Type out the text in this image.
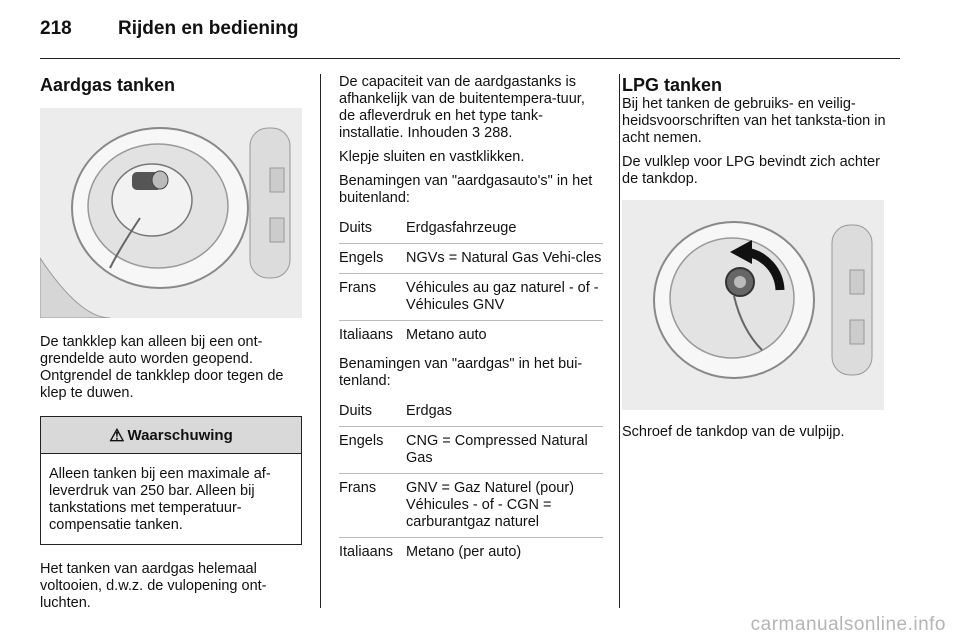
218 Rijden en bediening
Aardgas tanken

De tankklep kan alleen bij een ont-grendelde auto worden geopend. Ontgrendel de tankklep door tegen de klep te duwen.

⚠ Waarschuwing
Alleen tanken bij een maximale af-leverdruk van 250 bar. Alleen bij tankstations met temperatuur-compensatie tanken.

Het tanken van aardgas helemaal voltooien, d.w.z. de vulopening ont-luchten.

De capaciteit van de aardgastanks is afhankelijk van de buitentempera-tuur, de afleverdruk en het type tank-installatie. Inhouden 3 288.

Klepje sluiten en vastklikken.

Benamingen van "aardgasauto's" in het buitenland:

Duits	Erdgasfahrzeuge
Engels	NGVs = Natural Gas Vehi-cles
Frans	Véhicules au gaz naturel - of - Véhicules GNV
Italiaans Metano auto

Benamingen van "aardgas" in het bui-tenland:

Duits	Erdgas
Engels	CNG = Compressed Natural Gas
Frans	GNV = Gaz Naturel (pour) Véhicules - of - CGN = carburantgaz naturel
Italiaans Metano (per auto)
LPG tanken

Bij het tanken de gebruiks- en veilig-heidsvoorschriften van het tanksta-tion in acht nemen.

De vulklep voor LPG bevindt zich achter de tankdop.

Schroef de tankdop van de vulpijp.

carmanualsonline.info
